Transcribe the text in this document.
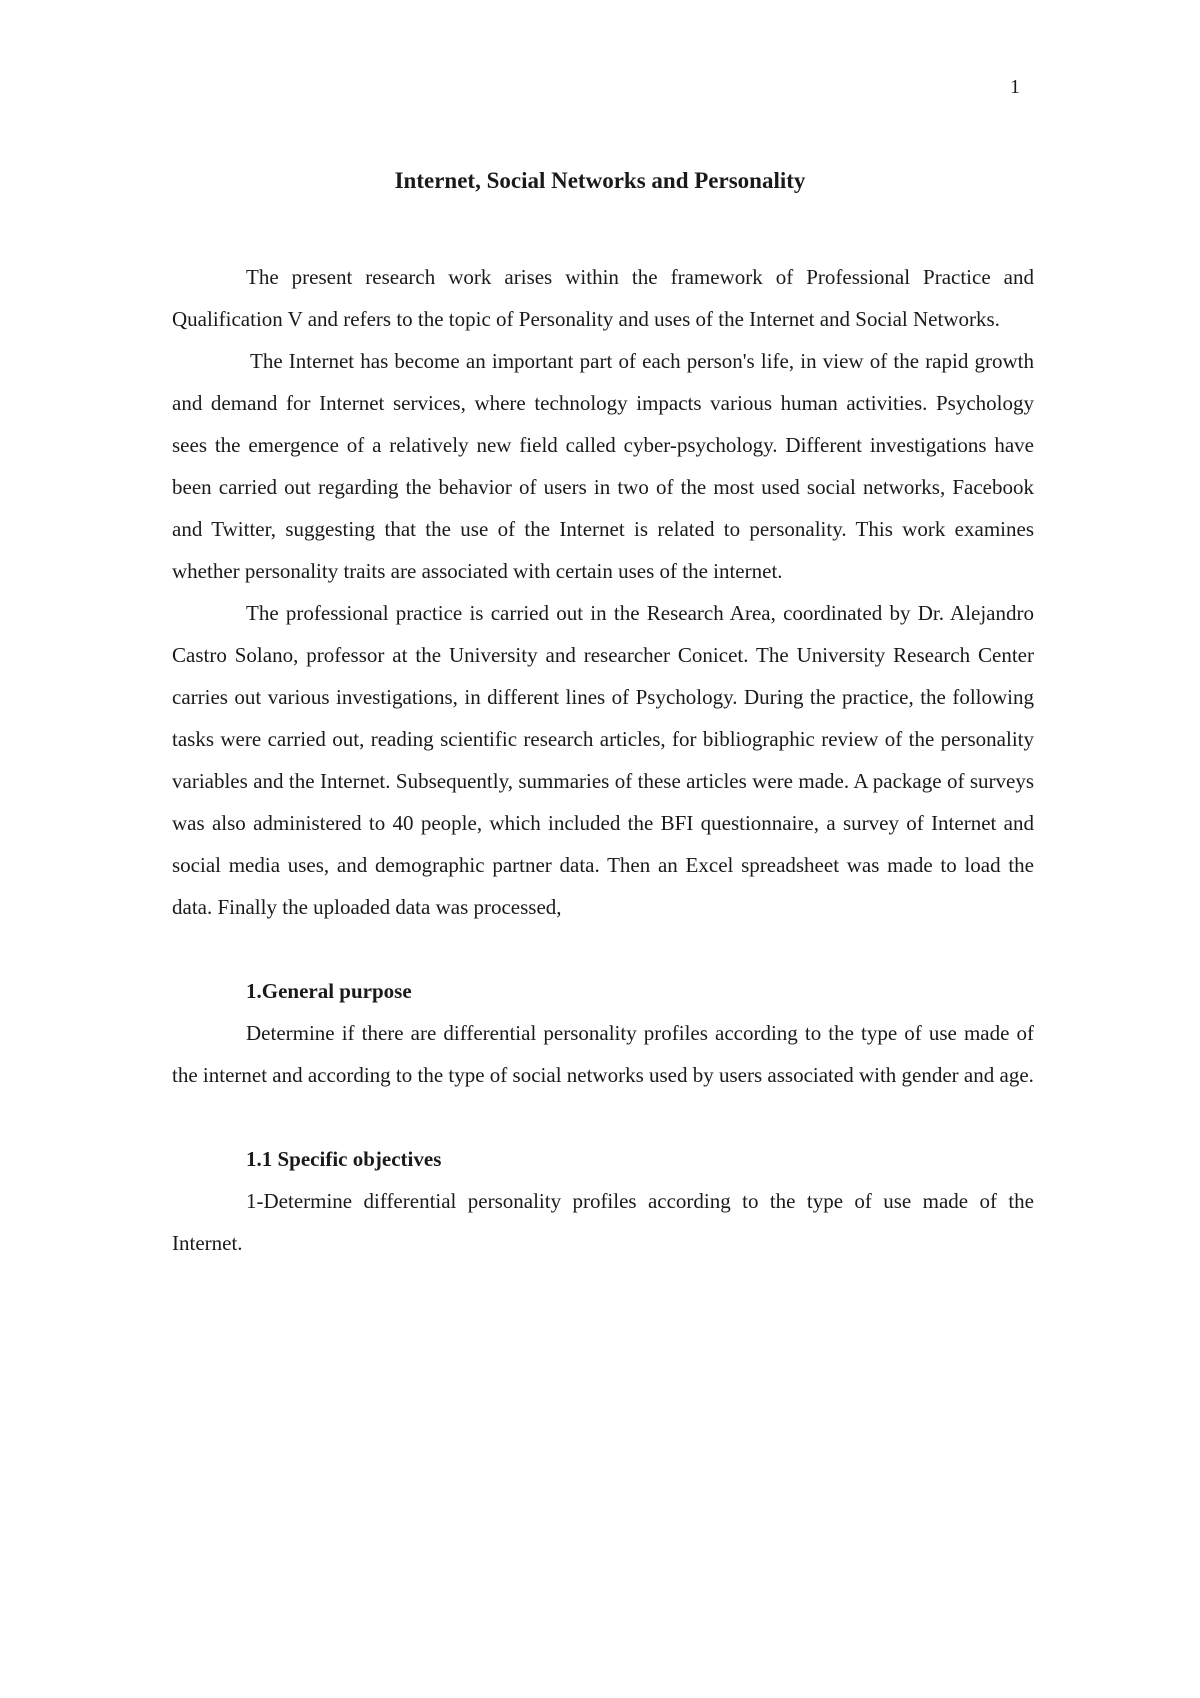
1
Internet, Social Networks and Personality

The present research work arises within the framework of Professional Practice and Qualification V and refers to the topic of Personality and uses of the Internet and Social Networks.

The Internet has become an important part of each person's life, in view of the rapid growth and demand for Internet services, where technology impacts various human activities. Psychology sees the emergence of a relatively new field called cyber-psychology. Different investigations have been carried out regarding the behavior of users in two of the most used social networks, Facebook and Twitter, suggesting that the use of the Internet is related to personality. This work examines whether personality traits are associated with certain uses of the internet.

The professional practice is carried out in the Research Area, coordinated by Dr. Alejandro Castro Solano, professor at the University and researcher Conicet. The University Research Center carries out various investigations, in different lines of Psychology. During the practice, the following tasks were carried out, reading scientific research articles, for bibliographic review of the personality variables and the Internet. Subsequently, summaries of these articles were made. A package of surveys was also administered to 40 people, which included the BFI questionnaire, a survey of Internet and social media uses, and demographic partner data. Then an Excel spreadsheet was made to load the data. Finally the uploaded data was processed,

1.General purpose

Determine if there are differential personality profiles according to the type of use made of the internet and according to the type of social networks used by users associated with gender and age.

1.1 Specific objectives

1-Determine differential personality profiles according to the type of use made of the Internet.
